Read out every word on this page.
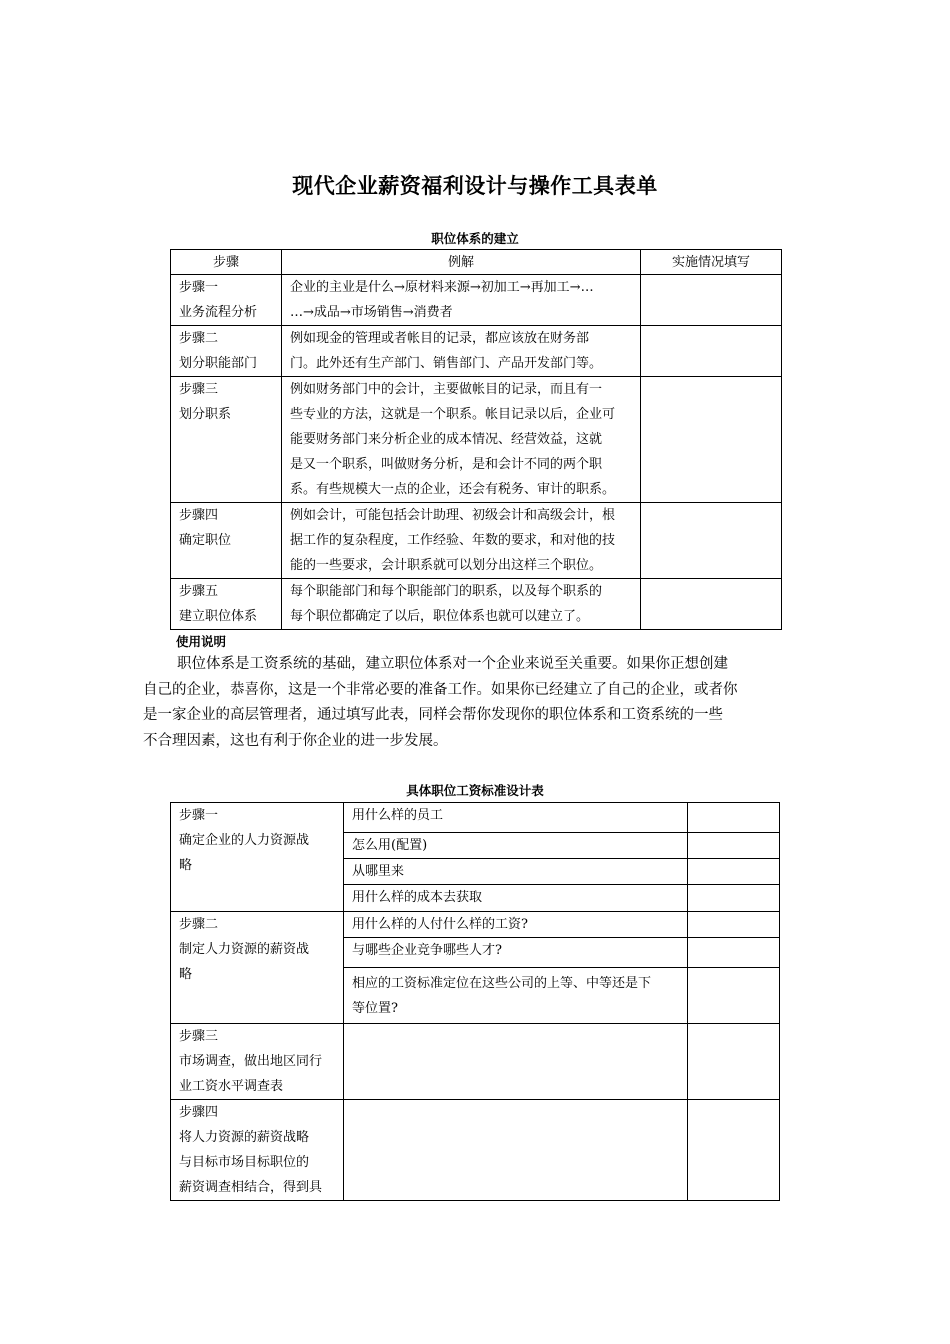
现代企业薪资福利设计与操作工具表单
职位体系的建立
步骤	例解	实施情况填写

步骤一
业务流程分析	企业的主业是什么→原材料来源→初加工→再加工→…
…→成品→市场销售→消费者	

步骤二
划分职能部门	例如现金的管理或者帐目的记录，都应该放在财务部
门。此外还有生产部门、销售部门、产品开发部门等。	

步骤三
划分职系	例如财务部门中的会计，主要做帐目的记录，而且有一
些专业的方法，这就是一个职系。帐目记录以后，企业可
能要财务部门来分析企业的成本情况、经营效益，这就
是又一个职系，叫做财务分析，是和会计不同的两个职
系。有些规模大一点的企业，还会有税务、审计的职系。	

步骤四
确定职位	例如会计，可能包括会计助理、初级会计和高级会计，根
据工作的复杂程度，工作经验、年数的要求，和对他的技
能的一些要求，会计职系就可以划分出这样三个职位。	

步骤五
建立职位体系	每个职能部门和每个职能部门的职系，以及每个职系的
每个职位都确定了以后，职位体系也就可以建立了。	

使用说明
职位体系是工资系统的基础，建立职位体系对一个企业来说至关重要。如果你正想创建
自己的企业，恭喜你，这是一个非常必要的准备工作。如果你已经建立了自己的企业，或者你
是一家企业的高层管理者，通过填写此表，同样会帮你发现你的职位体系和工资系统的一些
不合理因素，这也有利于你企业的进一步发展。
具体职位工资标准设计表
步骤一
确定企业的人力资源战
略	用什么样的员工	
	怎么用(配置)	
	从哪里来	
	用什么样的成本去获取	

步骤二
制定人力资源的薪资战
略	用什么样的人付什么样的工资?	
	与哪些企业竞争哪些人才?	

	相应的工资标准定位在这些公司的上等、中等还是下
等位置?	

步骤三
市场调查，做出地区同行
业工资水平调查表		

步骤四
将人力资源的薪资战略
与目标市场目标职位的
薪资调查相结合，得到具		
